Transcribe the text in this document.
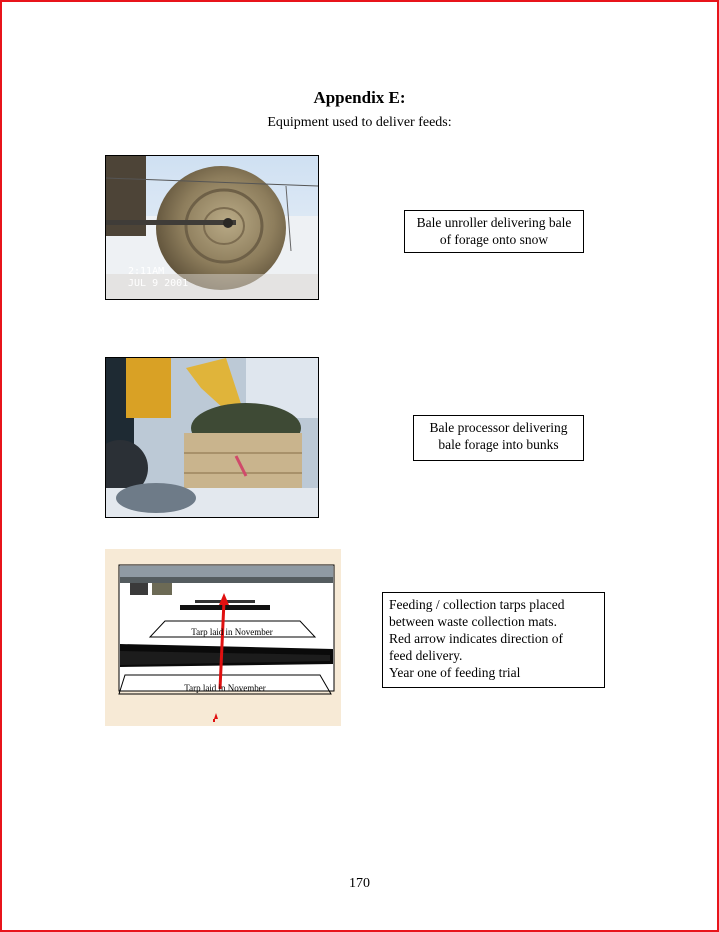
Appendix E:
Equipment used to deliver feeds:
2:11AM
JUL 9 2001
Bale unroller delivering bale
of forage onto snow
Bale processor delivering
bale forage into bunks
Tarp laid in November
Tarp laid in November
Feeding / collection tarps placed
between waste collection mats.
Red arrow indicates direction of
feed delivery.
Year one of feeding trial
170
